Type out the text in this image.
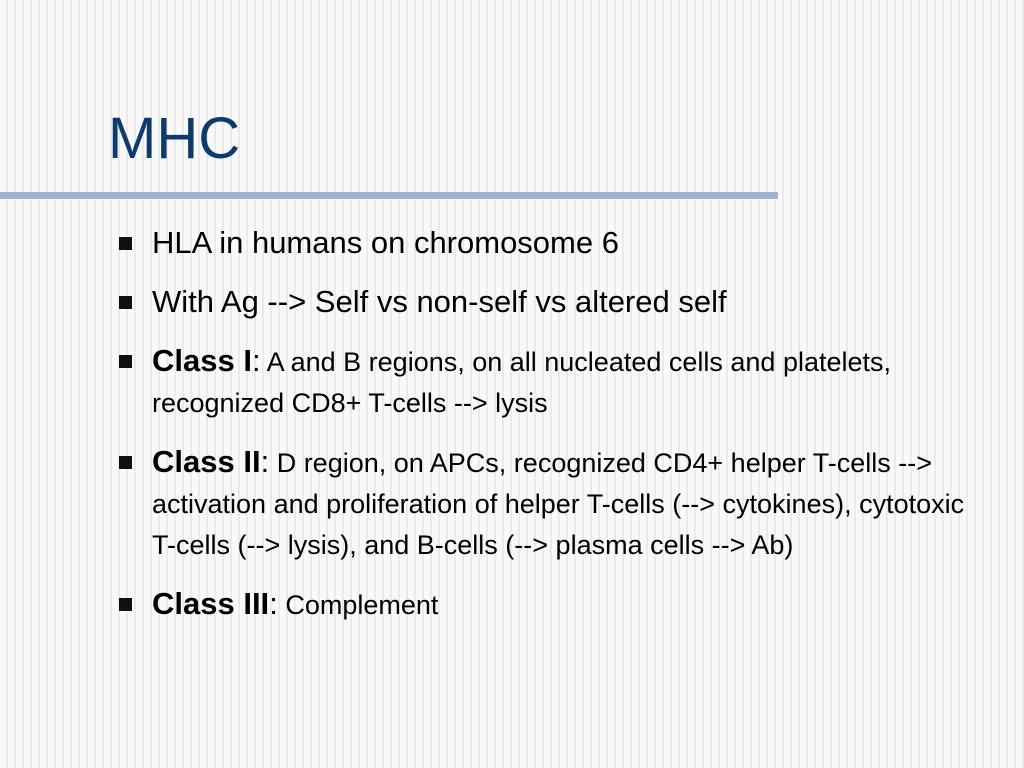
MHC
HLA in humans on chromosome 6
With Ag --> Self vs non-self vs altered self
Class I: A and B regions, on all nucleated cells and platelets, recognized CD8+ T-cells --> lysis
Class II: D region, on APCs, recognized CD4+ helper T-cells --> activation and proliferation of helper T-cells (--> cytokines), cytotoxic T-cells (--> lysis), and B-cells (--> plasma cells --> Ab)
Class III: Complement
